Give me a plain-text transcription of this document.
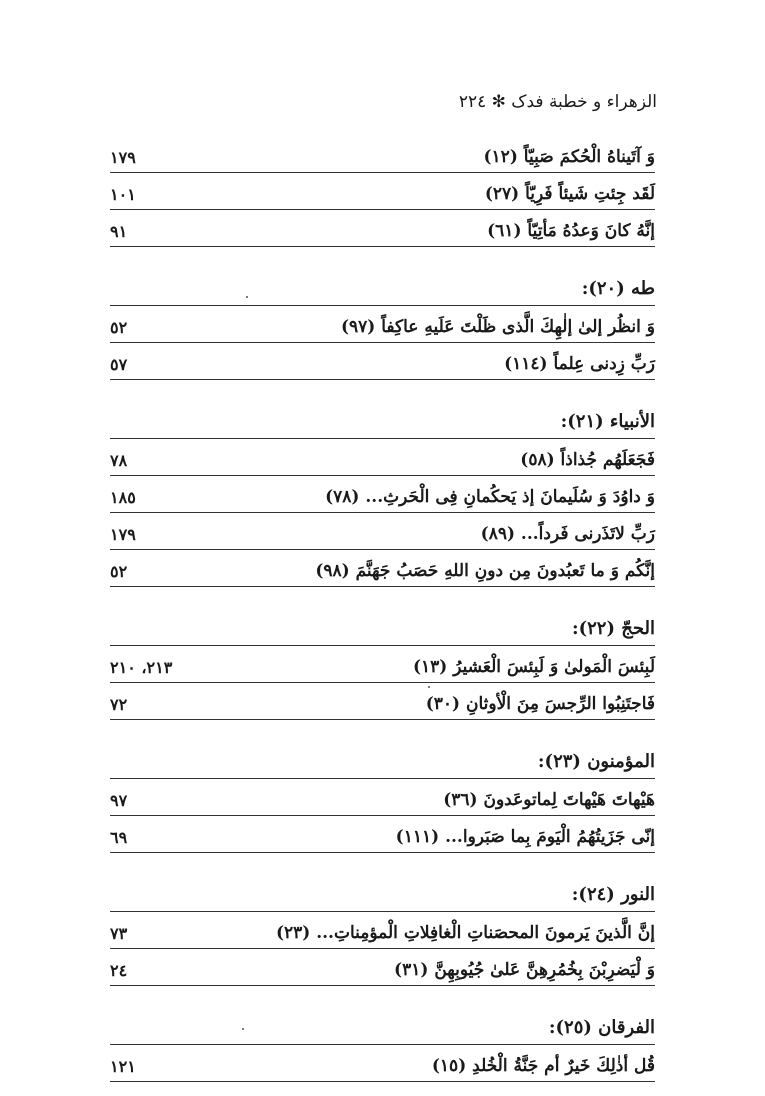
الزهراء و خطبة فدک ✻ ٢٢٤
وَ آتَيناهُ الْحُكمَ صَبِيّاً (١٢)
١٧٩
لَقَد جِئتِ شَيئاً فَرِيّاً (٢٧)
١٠١
إنَّهُ كانَ وَعدُهُ مَأتِيّاً (٦١)
٩١
طه (٢٠):
وَ انظُر إلىٰ إلٰهِكَ الَّذى ظَلْتَ عَلَيهِ عاكِفاً (٩٧)
٥٢
رَبِّ زِدنى عِلماً (١١٤)
٥٧
الأنبياء (٢١):
فَجَعَلَهُم جُذاذاً (٥٨)
٧٨
وَ داوُدَ وَ سُلَيمانَ إذ يَحكُمانِ فِى الْحَرثِ... (٧٨)
١٨٥
رَبِّ لاتَذَرنى فَرداً... (٨٩)
١٧٩
إنَّكُم وَ ما تَعبُدونَ مِن دونِ اللهِ حَصَبُ جَهَنَّمَ (٩٨)
٥٢
الحجّ (٢٢):
لَبِئسَ الْمَولىٰ وَ لَبِئسَ الْعَشيرُ (١٣)
٢١٣، ٢١٠
فَاجتَنِبُوا الرِّجسَ مِنَ الْأوثانِ (٣٠)
٧٢
المؤمنون (٢٣):
هَيْهاتَ هَيْهاتَ لِماتوعَدونَ (٣٦)
٩٧
إنّى جَزَيتُهُمُ الْيَومَ بِما صَبَروا... (١١١)
٦٩
النور (٢٤):
إنَّ الَّذينَ يَرمونَ المحصَناتِ الْغافِلاتِ الْمؤمِناتِ... (٢٣)
٧٣
وَ لْيَضرِبْنَ بِخُمُرِهِنَّ عَلىٰ جُيُوبِهِنَّ (٣١)
٢٤
الفرقان (٢٥):
قُل أذٰلِكَ خَيرٌ أم جَنَّةُ الْخُلدِ (١٥)
١٢١
